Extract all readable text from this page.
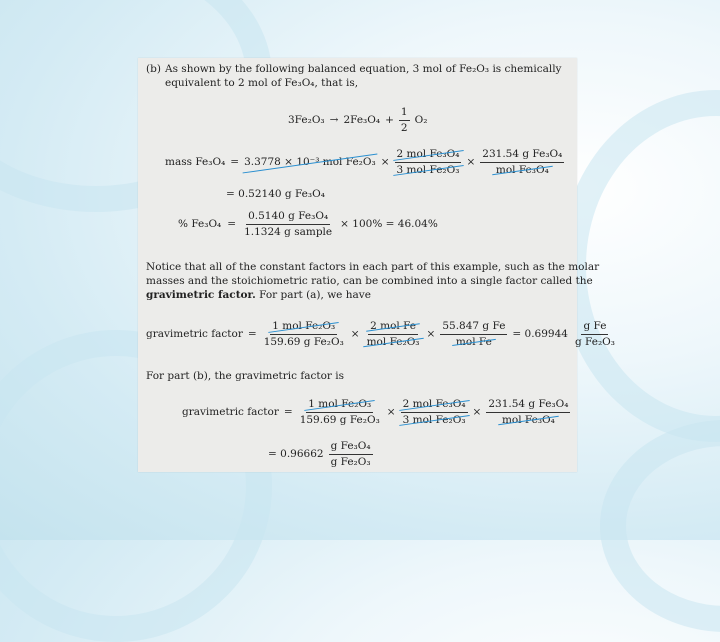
(b) As shown by the following balanced equation, 3 mol of Fe₂O₃ is chemically
equivalent to 2 mol of Fe₃O₄, that is,
$3Fe_2O_3 \to 2Fe_3O_4 + \frac{1}{2} O_2$
mass Fe₃O₄ = 3.3778 × 10⁻³ mol $Fe_2O_3 \times \frac{\text{2 mol Fe₃O₄}}{\text{3 mol Fe₂O₃}} \times \frac{\text{231.54 g Fe₃O₄}}{\text{mol Fe₃O₄}}$
= 0.52140 g Fe₃O₄
% $Fe_3O_4 = \frac{\text{0.5140 g Fe₃O₄}}{\text{1.1324 g sample}} \times 100\% = 46.04\%$
Notice that all of the constant factors in each part of this example, such as the molar
masses and the stoichiometric ratio, can be combined into a single factor called the
gravimetric factor. For part (a), we have
gravimetric factor = $\frac{\text{1 mol Fe₂O₃}}{\text{159.69 g Fe₂O₃}} \times \frac{\text{2 mol Fe}}{\text{mol Fe₂O₃}} \times \frac{\text{55.847 g Fe}}{\text{mol Fe}} = 0.69944 \frac{\text{g Fe}}{\text{g Fe₂O₃}}$
For part (b), the gravimetric factor is
gravimetric factor = $\frac{\text{1 mol Fe₂O₃}}{\text{159.69 g Fe₂O₃}} \times \frac{\text{2 mol Fe₃O₄}}{\text{3 mol Fe₂O₃}} \times \frac{\text{231.54 g Fe₃O₄}}{\text{mol Fe₃O₄}}$
= $0.96662 \frac{\text{g Fe₃O₄}}{\text{g Fe₂O₃}}$
